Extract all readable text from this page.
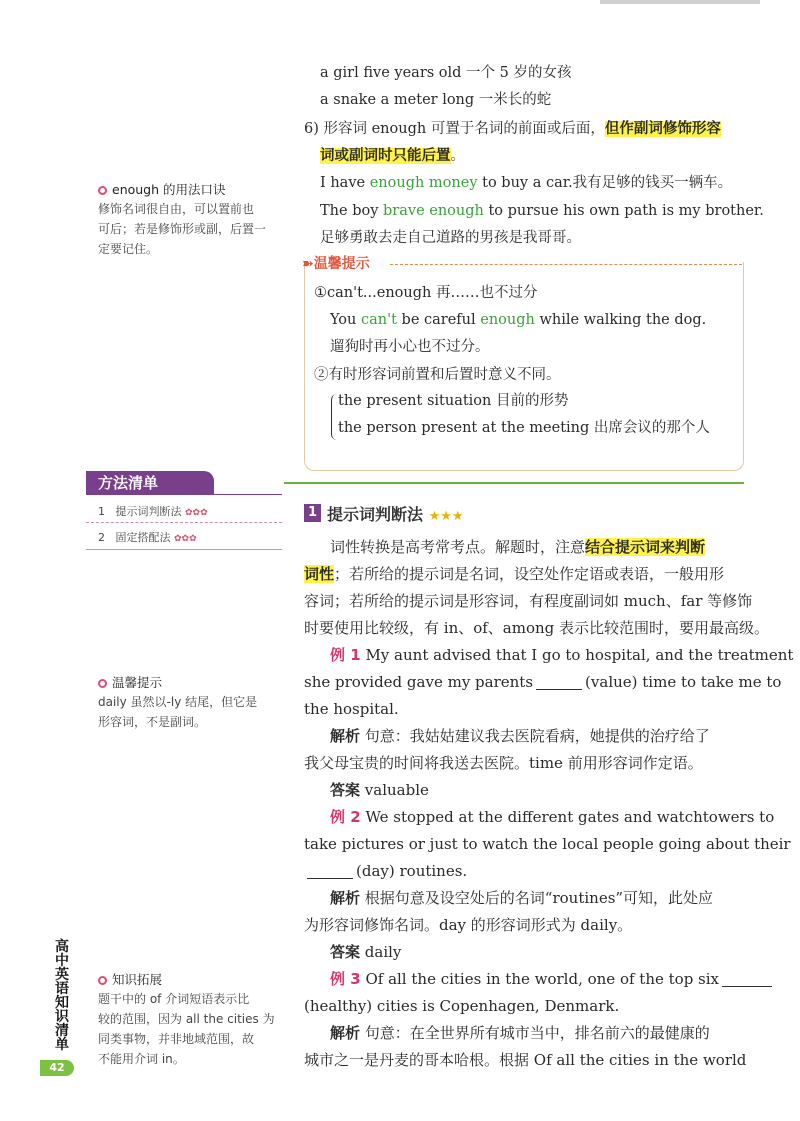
a girl five years old 一个 5 岁的女孩
a snake a meter long 一米长的蛇
6) 形容词 enough 可置于名词的前面或后面，但作副词修饰形容
词或副词时只能后置。
I have enough money to buy a car.我有足够的钱买一辆车。
The boy brave enough to pursue his own path is my brother.
足够勇敢去走自己道路的男孩是我哥哥。
➽温馨提示
①can't...enough 再……也不过分
You can't be careful enough while walking the dog.
遛狗时再小心也不过分。
②有时形容词前置和后置时意义不同。
the present situation 目前的形势
the person present at the meeting 出席会议的那个人
enough 的用法口诀
修饰名词很自由，可以置前也
可后；若是修饰形或副，后置一
定要记住。
方法清单
1 提示词判断法 ✿✿✿
2 固定搭配法 ✿✿✿
1 提示词判断法 ★★★
词性转换是高考常考点。解题时，注意结合提示词来判断
词性；若所给的提示词是名词，设空处作定语或表语，一般用形
容词；若所给的提示词是形容词，有程度副词如 much、far 等修饰
时要使用比较级，有 in、of、among 表示比较范围时，要用最高级。
例 1 My aunt advised that I go to hospital, and the treatment
she provided gave my parents	(value) time to take me to
the hospital.
解析 句意：我姑姑建议我去医院看病，她提供的治疗给了
我父母宝贵的时间将我送去医院。time 前用形容词作定语。
答案 valuable
例 2 We stopped at the different gates and watchtowers to
take pictures or just to watch the local people going about their
(day) routines.
解析 根据句意及设空处后的名词“routines”可知，此处应
为形容词修饰名词。day 的形容词形式为 daily。
答案 daily
例 3 Of all the cities in the world, one of the top six
(healthy) cities is Copenhagen, Denmark.
解析 句意：在全世界所有城市当中，排名前六的最健康的
城市之一是丹麦的哥本哈根。根据 Of all the cities in the world
温馨提示
daily 虽然以-ly 结尾，但它是
形容词，不是副词。
知识拓展
题干中的 of 介词短语表示比
较的范围，因为 all the cities 为
同类事物，并非地域范围，故
不能用介词 in。
高中英语知识清单
42
